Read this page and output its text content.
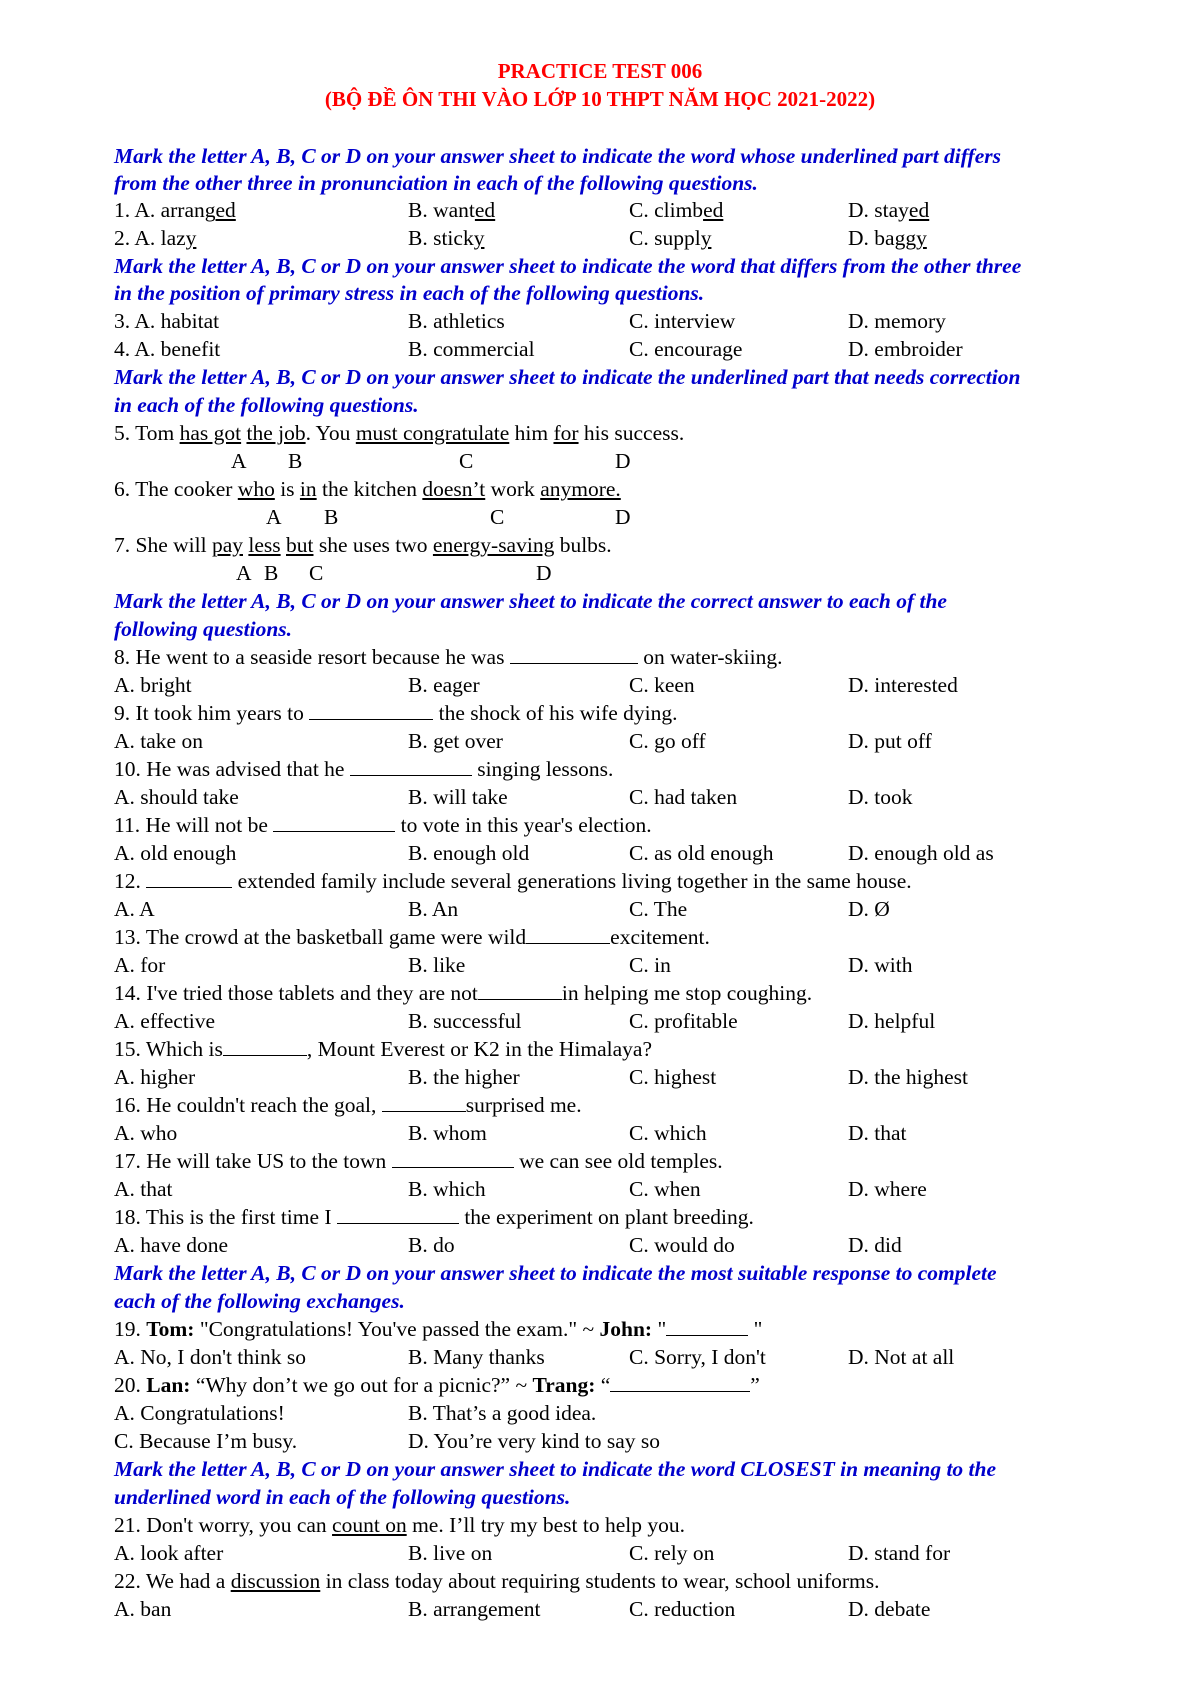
PRACTICE TEST 006
(BỘ ĐỀ ÔN THI VÀO LỚP 10 THPT NĂM HỌC 2021-2022)
Mark the letter A, B, C or D on your answer sheet to indicate the word whose underlined part differs
from the other three in pronunciation in each of the following questions.
1. A. arranged	B. wanted	C. climbed	D. stayed
2. A. lazy	B. sticky	C. supply	D. baggy
Mark the letter A, B, C or D on your answer sheet to indicate the word that differs from the other three
in the position of primary stress in each of the following questions.
3. A. habitat	B. athletics	C. interview	D. memory
4. A. benefit	B. commercial	C. encourage	D. embroider
Mark the letter A, B, C or D on your answer sheet to indicate the underlined part that needs correction
in each of the following questions.
5. Tom has got the job. You must congratulate him for his success.
A B	C	D
6. The cooker who is in the kitchen doesn’t work anymore.
A B	C	D
7. She will pay less but she uses two energy-saving bulbs.
A B C	D
Mark the letter A, B, C or D on your answer sheet to indicate the correct answer to each of the
following questions.
8. He went to a seaside resort because he was	on water-skiing.
A. bright	B. eager	C. keen	D. interested
9. It took him years to	the shock of his wife dying.
A. take on	B. get over	C. go off	D. put off
10. He was advised that he	singing lessons.
A. should take	B. will take	C. had taken	D. took
11. He will not be	to vote in this year's election.
A. old enough	B. enough old	C. as old enough	D. enough old as
12.	extended family include several generations living together in the same house.
A. A	B. An	C. The	D. Ø
13. The crowd at the basketball game were wild	excitement.
A. for	B. like	C. in	D. with
14. I've tried those tablets and they are not	in helping me stop coughing.
A. effective	B. successful	C. profitable	D. helpful
15. Which is	, Mount Everest or K2 in the Himalaya?
A. higher	B. the higher	C. highest	D. the highest
16. He couldn't reach the goal,	surprised me.
A. who	B. whom	C. which	D. that
17. He will take US to the town	we can see old temples.
A. that	B. which	C. when	D. where
18. This is the first time I	the experiment on plant breeding.
A. have done	B. do	C. would do	D. did
Mark the letter A, B, C or D on your answer sheet to indicate the most suitable response to complete
each of the following exchanges.
19. Tom: "Congratulations! You've passed the exam." ~ John: "	"
A. No, I don't think so	B. Many thanks	C. Sorry, I don't	D. Not at all
20. Lan: “Why don’t we go out for a picnic?” ~ Trang: “	”
A. Congratulations!	B. That’s a good idea.
C. Because I’m busy.	D. You’re very kind to say so
Mark the letter A, B, C or D on your answer sheet to indicate the word CLOSEST in meaning to the
underlined word in each of the following questions.
21. Don't worry, you can count on me. I’ll try my best to help you.
A. look after	B. live on	C. rely on	D. stand for
22. We had a discussion in class today about requiring students to wear, school uniforms.
A. ban	B. arrangement	C. reduction	D. debate
